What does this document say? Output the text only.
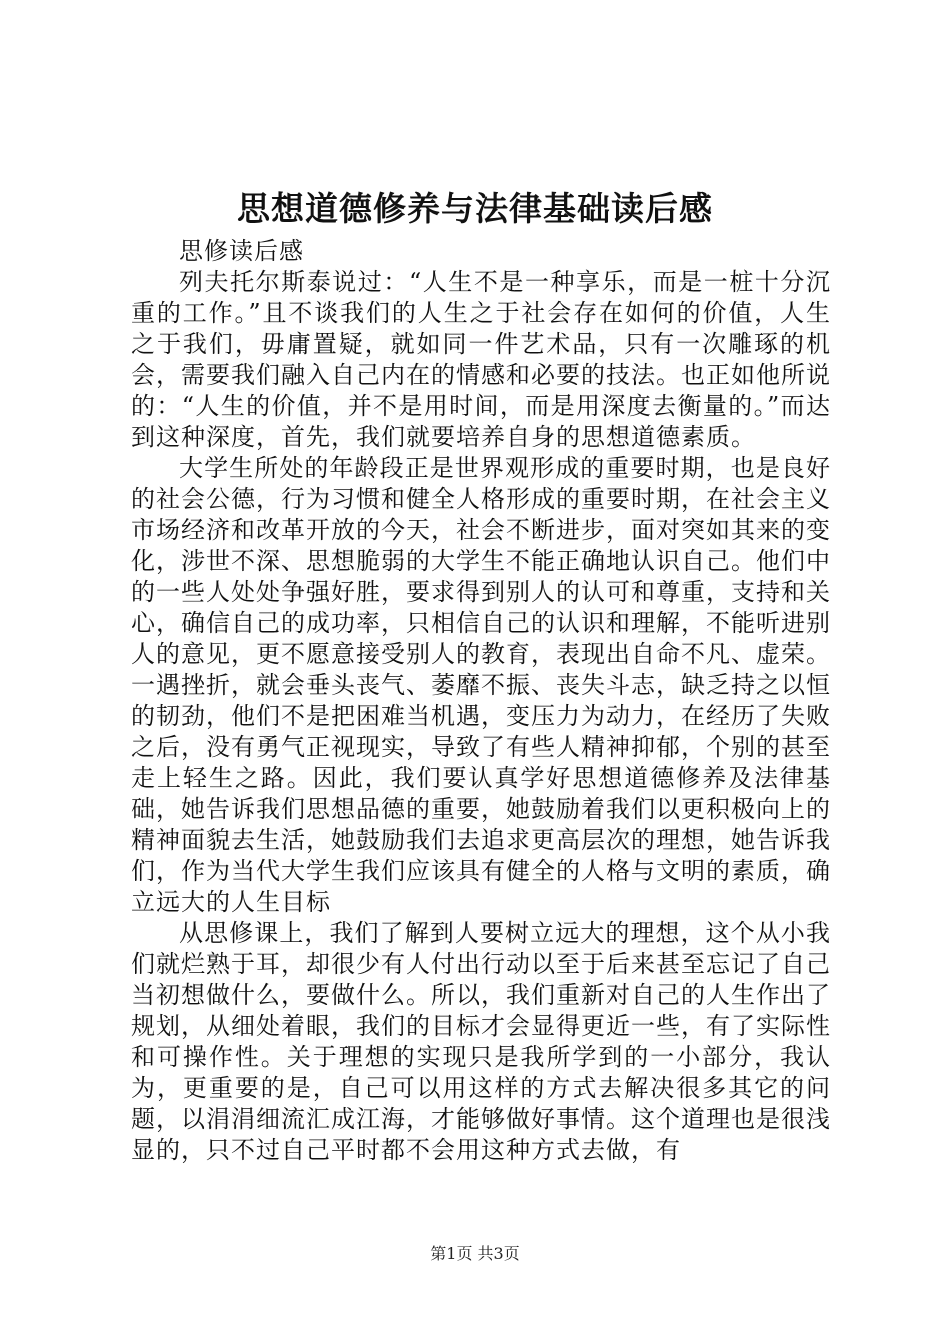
思想道德修养与法律基础读后感

思修读后感

列夫托尔斯泰说过：“人生不是一种享乐，而是一桩十分沉重的工作。”且不谈我们的人生之于社会存在如何的价值，人生之于我们，毋庸置疑，就如同一件艺术品，只有一次雕琢的机会，需要我们融入自己内在的情感和必要的技法。也正如他所说的：“人生的价值，并不是用时间，而是用深度去衡量的。”而达到这种深度，首先，我们就要培养自身的思想道德素质。

大学生所处的年龄段正是世界观形成的重要时期，也是良好的社会公德，行为习惯和健全人格形成的重要时期，在社会主义市场经济和改革开放的今天，社会不断进步，面对突如其来的变化，涉世不深、思想脆弱的大学生不能正确地认识自己。他们中的一些人处处争强好胜，要求得到别人的认可和尊重，支持和关心，确信自己的成功率，只相信自己的认识和理解，不能听进别人的意见，更不愿意接受别人的教育，表现出自命不凡、虚荣。一遇挫折，就会垂头丧气、萎靡不振、丧失斗志，缺乏持之以恒的韧劲，他们不是把困难当机遇，变压力为动力，在经历了失败之后，没有勇气正视现实，导致了有些人精神抑郁，个别的甚至走上轻生之路。因此，我们要认真学好思想道德修养及法律基础，她告诉我们思想品德的重要，她鼓励着我们以更积极向上的精神面貌去生活，她鼓励我们去追求更高层次的理想，她告诉我们，作为当代大学生我们应该具有健全的人格与文明的素质，确立远大的人生目标

从思修课上，我们了解到人要树立远大的理想，这个从小我们就烂熟于耳，却很少有人付出行动以至于后来甚至忘记了自己当初想做什么，要做什么。所以，我们重新对自己的人生作出了规划，从细处着眼，我们的目标才会显得更近一些，有了实际性和可操作性。关于理想的实现只是我所学到的一小部分，我认为，更重要的是，自己可以用这样的方式去解决很多其它的问题，以涓涓细流汇成江海，才能够做好事情。这个道理也是很浅显的，只不过自己平时都不会用这种方式去做，有

第1页 共3页
